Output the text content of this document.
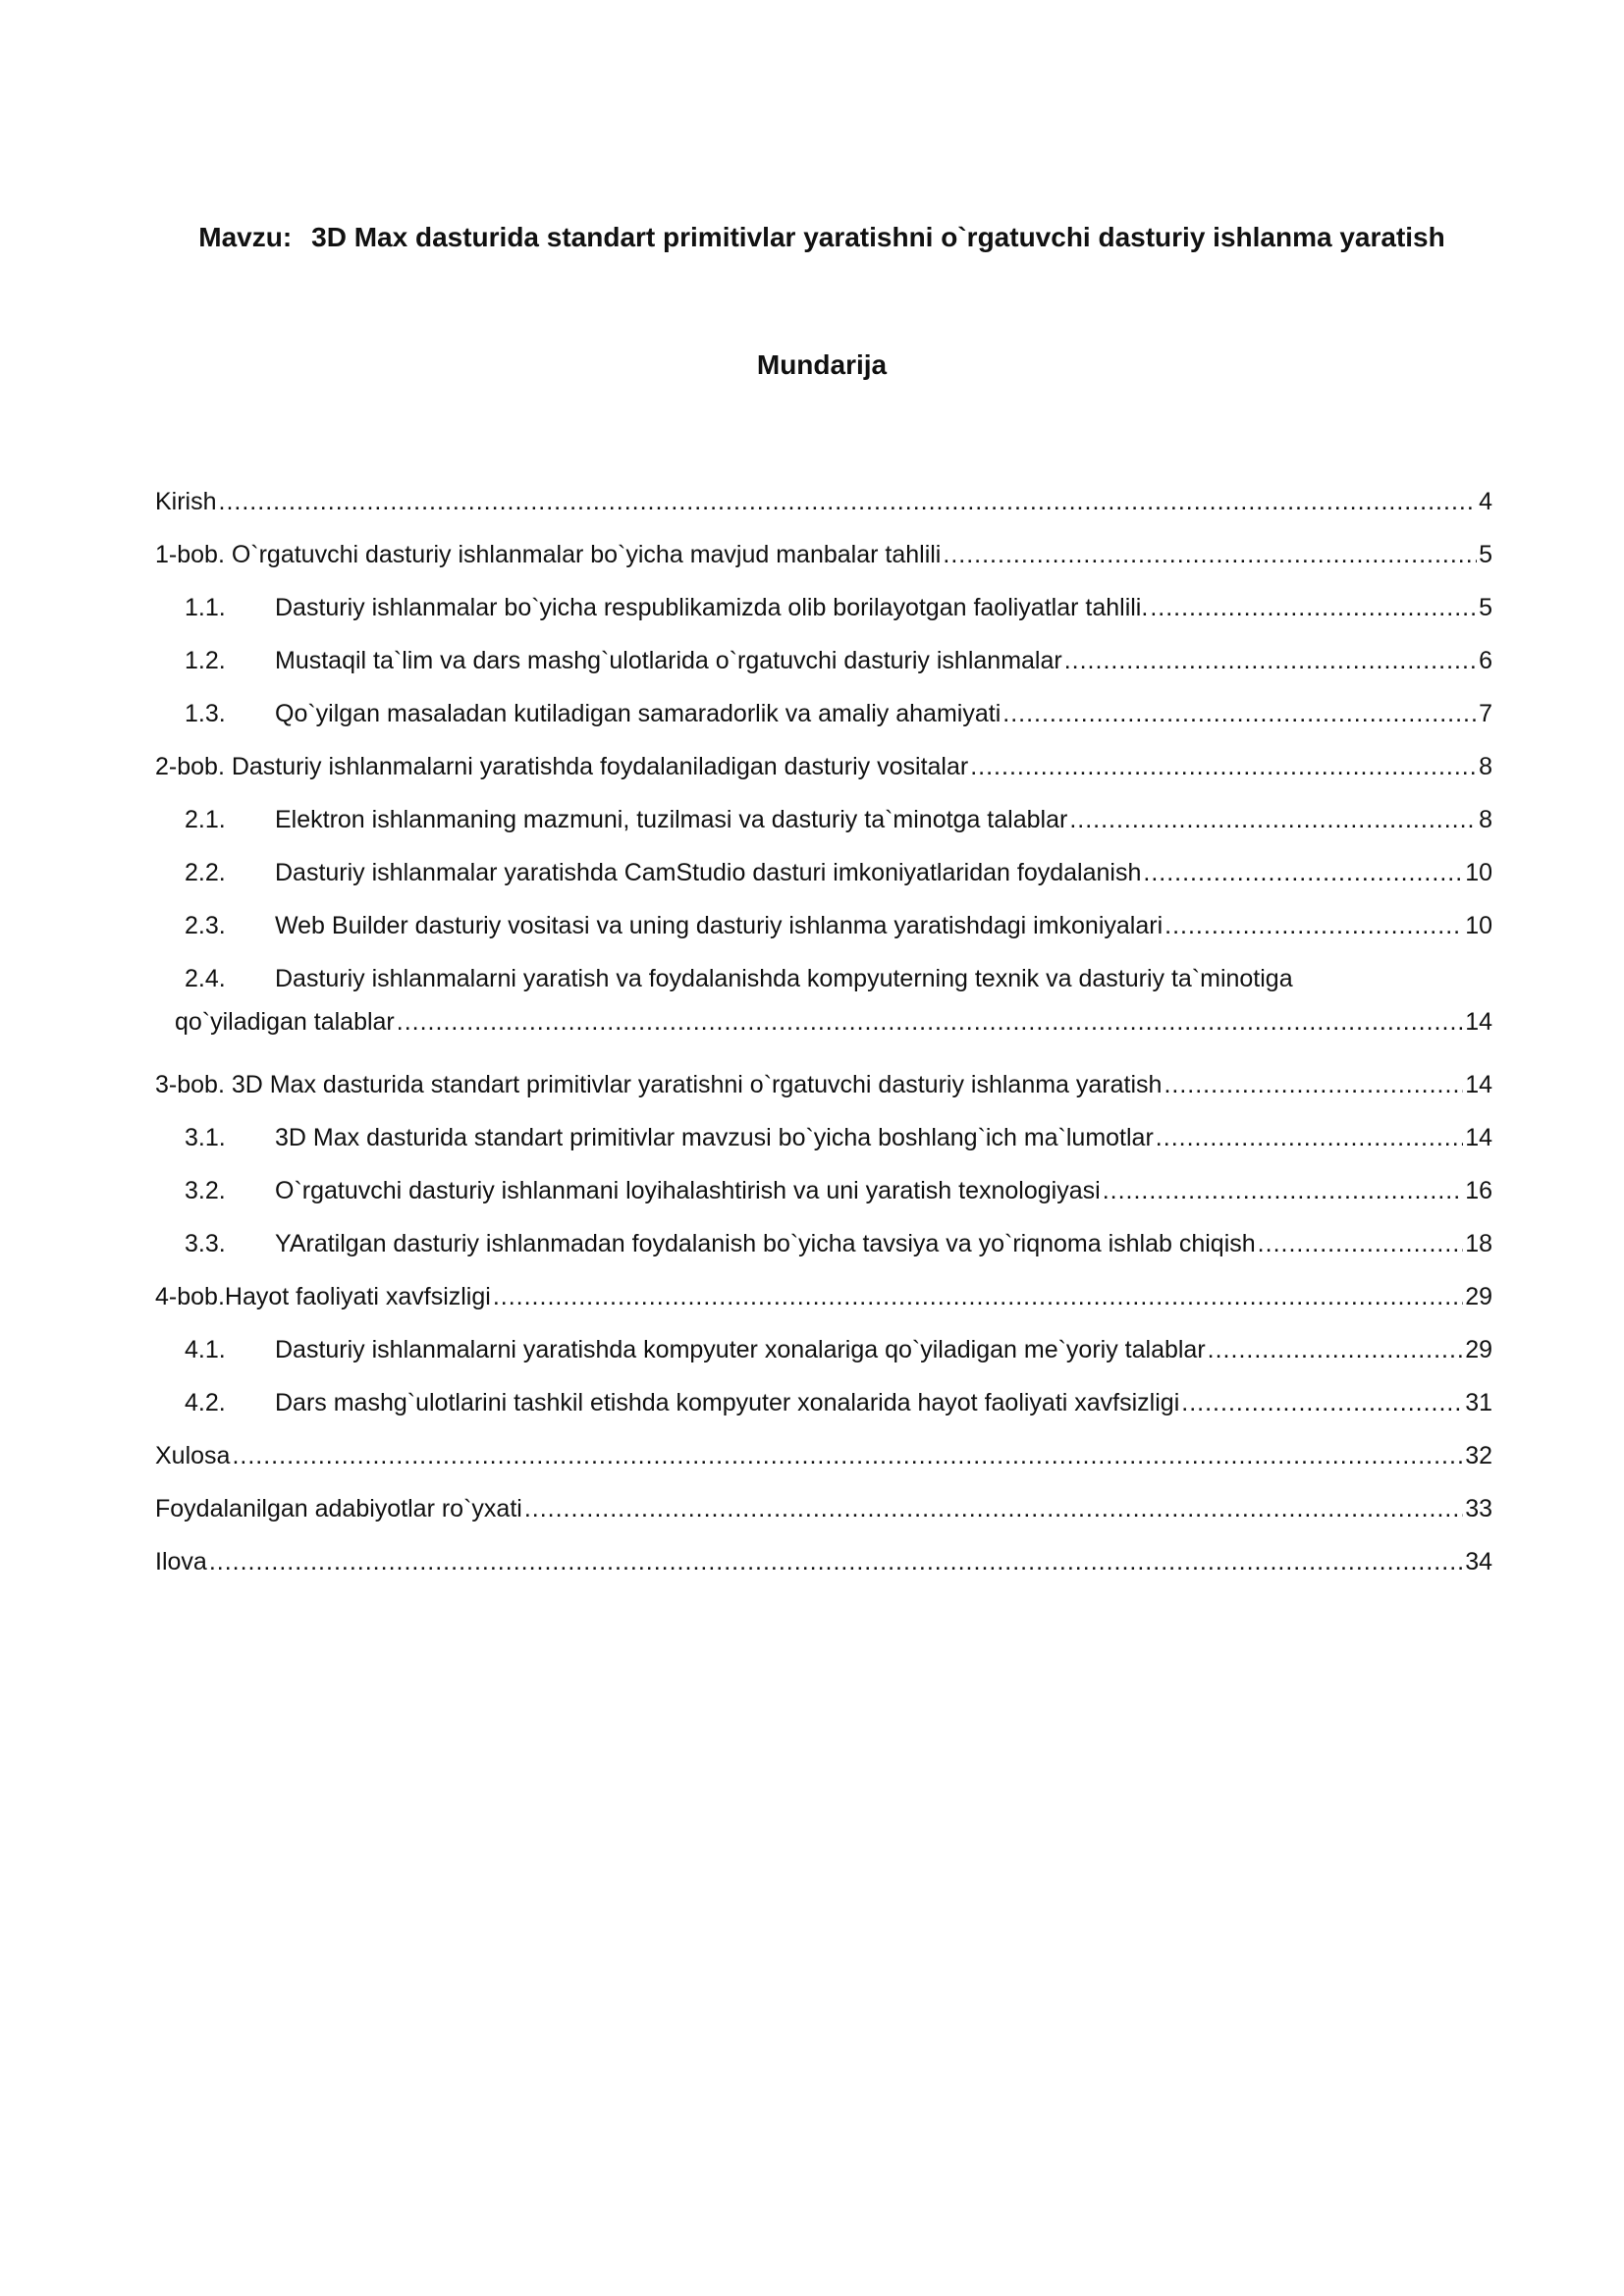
Mavzu: 3D Max dasturida standart primitivlar yaratishni o`rgatuvchi dasturiy ishlanma yaratish
Mundarija
Kirish .....	4
1-bob. O`rgatuvchi dasturiy ishlanmalar bo`yicha mavjud manbalar tahlili .....	5
1.1.	Dasturiy ishlanmalar bo`yicha respublikamizda olib borilayotgan faoliyatlar tahlili. .....	5
1.2.	Mustaqil ta`lim va dars mashg`ulotlarida o`rgatuvchi dasturiy ishlanmalar .....	6
1.3.	Qo`yilgan masaladan kutiladigan samaradorlik va amaliy ahamiyati .....	7
2-bob. Dasturiy ishlanmalarni yaratishda foydalaniladigan dasturiy vositalar .....	8
2.1.	Elektron ishlanmaning mazmuni, tuzilmasi va dasturiy ta`minotga talablar .....	8
2.2.	Dasturiy ishlanmalar yaratishda CamStudio dasturi imkoniyatlaridan foydalanish .....	10
2.3.	Web Builder dasturiy vositasi va uning dasturiy ishlanma yaratishdagi imkoniyalari .....	10
2.4.	Dasturiy ishlanmalarni yaratish va foydalanishda kompyuterning texnik va dasturiy ta`minotiga
qo`yiladigan talablar .....	14
3-bob. 3D Max dasturida standart primitivlar yaratishni o`rgatuvchi dasturiy ishlanma yaratish .....	14
3.1.	3D Max dasturida standart primitivlar mavzusi bo`yicha boshlang`ich ma`lumotlar .....	14
3.2.	O`rgatuvchi dasturiy ishlanmani loyihalashtirish va uni yaratish texnologiyasi .....	16
3.3.	YAratilgan dasturiy ishlanmadan foydalanish bo`yicha tavsiya va yo`riqnoma ishlab chiqish .....	18
4-bob.Hayot faoliyati xavfsizligi .....	29
4.1.	Dasturiy ishlanmalarni yaratishda kompyuter xonalariga qo`yiladigan me`yoriy talablar .....	29
4.2.	Dars mashg`ulotlarini tashkil etishda kompyuter xonalarida hayot faoliyati xavfsizligi .....	31
Xulosa .....	32
Foydalanilgan adabiyotlar ro`yxati .....	33
Ilova .....	34
